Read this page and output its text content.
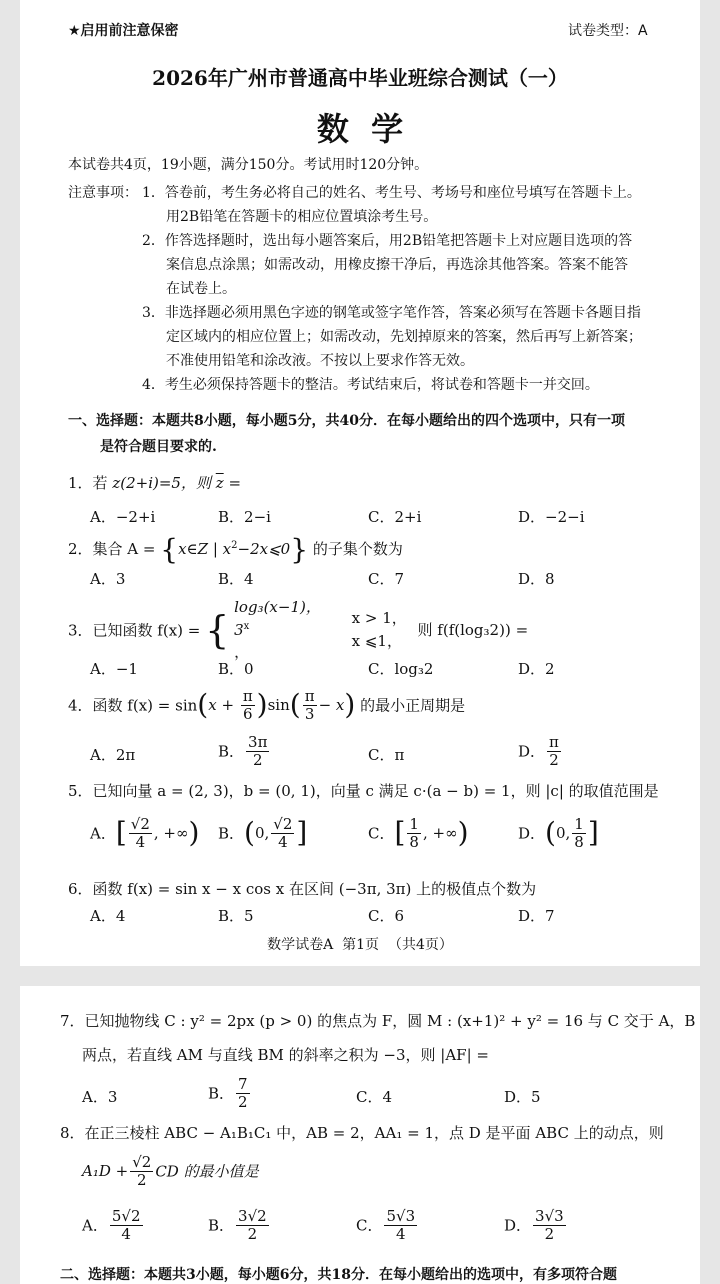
★启用前注意保密	试卷类型：A
2026年广州市普通高中毕业班综合测试（一）
数  学
本试卷共4页，19小题，满分150分。考试用时120分钟。
注意事项： 1．答卷前，考生务必将自己的姓名、考生号、考场号和座位号填写在答题卡上。
用2B铅笔在答题卡的相应位置填涂考生号。
2．作答选择题时，选出每小题答案后，用2B铅笔把答题卡上对应题目选项的答
案信息点涂黑；如需改动，用橡皮擦干净后，再选涂其他答案。答案不能答
在试卷上。
3．非选择题必须用黑色字迹的钢笔或签字笔作答，答案必须写在答题卡各题目指
定区域内的相应位置上；如需改动，先划掉原来的答案，然后再写上新答案；
不准使用铅笔和涂改液。不按以上要求作答无效。
4．考生必须保持答题卡的整洁。考试结束后，将试卷和答题卡一并交回。
一、选择题：本题共8小题，每小题5分，共40分．在每小题给出的四个选项中，只有一项
是符合题目要求的.
1．若 z(2+i)=5，则 $\overline{z}$ =
A．−2+i	B．2−i	C．2+i	D．−2−i
2．集合 A = {x∈Z | $x^2-2x⩽0$} 的子集个数为
A．3	B．4	C．7	D．8
3．已知函数 f(x) = {
log₃(x−1)，
3$^x$
，

x > 1，
x ⩽1，
则 f(f(log₃2)) =
A．−1	B．0	C．log₃2	D．2
4．函数 $f(x) = \sin(x + \frac{\pi}{6} )\sin( \frac{\pi}{3} - x)$ 的最小正周期是
A．2π	B． $\frac{3\pi}{2}$	C．π	D． $\frac{\pi}{2}$
5．已知向量 a = (2, 3)，b = (0, 1)，向量 c 满足 c·(a − b) = 1，则 |c| 的取值范围是
A．[ $\frac{√2}{4}$ , +∞) B．(0, $\frac{√2}{4}$ ]	C．[ $\frac{1}{8}$ , +∞)	D．(0, $\frac{1}{8}$ ]
6．函数 f(x) = sin x − x cos x 在区间 (−3π, 3π) 上的极值点个数为
A．4	B．5	C．6	D．7
数学试卷A  第1页  （共4页）
7．已知抛物线 C : y² = 2px (p > 0) 的焦点为 F，圆 M : (x+1)² + y² = 16 与 C 交于 A，B
两点，若直线 AM 与直线 BM 的斜率之积为 −3，则 |AF| =
A．3	B． $\frac{7}{2}$	C．4	D．5
8．在正三棱柱 ABC − A₁B₁C₁ 中，AB = 2，AA₁ = 1，点 D 是平面 ABC 上的动点，则
$A_1D + \frac{√2}{2}$ CD 的最小值是
A． $\frac{5√2}{4}$	B． $\frac{3√2}{2}$	C． $\frac{5√3}{4}$	D． $\frac{3√3}{2}$
二、选择题：本题共3小题，每小题6分，共18分．在每小题给出的选项中，有多项符合题
